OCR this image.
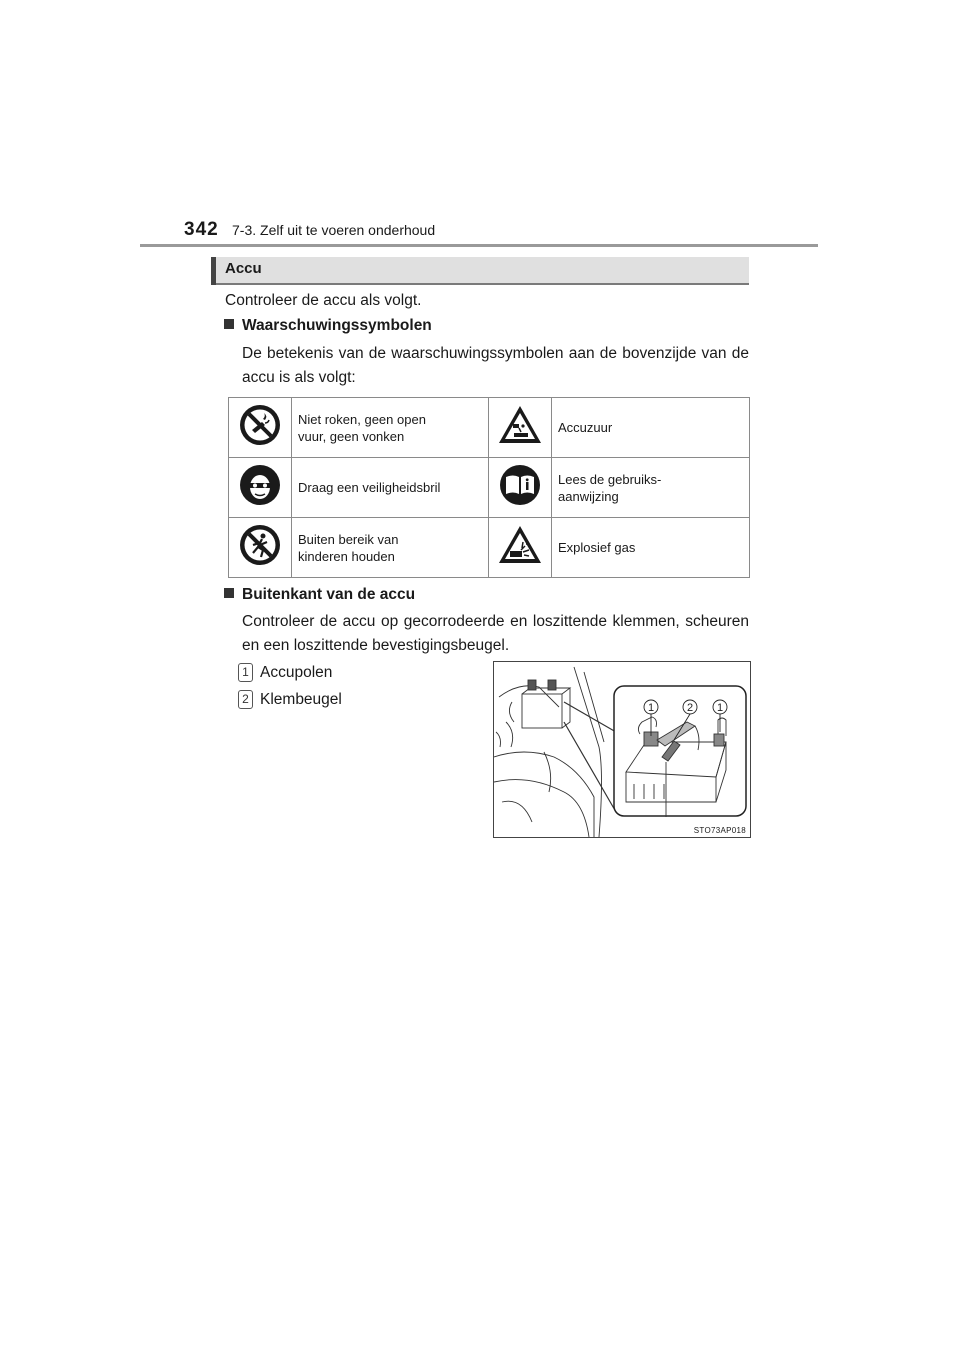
342 7-3. Zelf uit te voeren onderhoud
Accu
Controleer de accu als volgt.
Waarschuwingssymbolen
De betekenis van de waarschuwingssymbolen aan de bovenzijde van de accu is als volgt:

Niet roken, geen open
vuur, geen vonken		Accuzuur

Draag een veiligheidsbril		Lees de gebruiks-
aanwijzing

Buiten bereik van
kinderen houden		Explosief gas
Buitenkant van de accu
Controleer de accu op gecorrodeerde en loszittende klemmen, scheuren en een loszittende bevestigingsbeugel.
1 Accupolen
2 Klembeugel	1	2 1
STO73AP018
